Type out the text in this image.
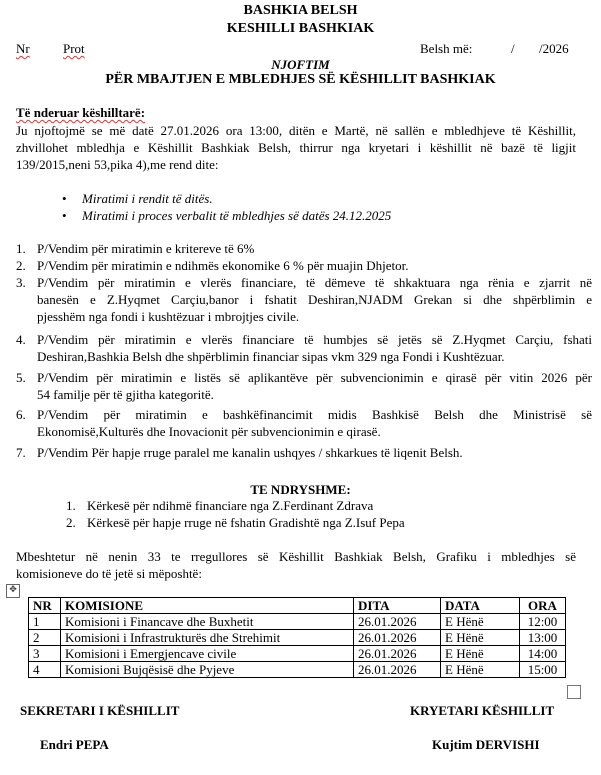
BASHKIA BELSH
KESHILLI BASHKIAK
Nr	Prot	Belsh më:	/ /2026
NJOFTIM
PËR MBAJTJEN E MBLEDHJES SË KËSHILLIT BASHKIAK
Të nderuar këshilltarë:
Ju njoftojmë se më datë 27.01.2026 ora 13:00, ditën e Martë, në sallën e mbledhjeve të Këshillit,
zhvillohet mbledhja e Këshillit Bashkiak Belsh, thirrur nga kryetari i këshillit në bazë të ligjit
139/2015,neni 53,pika 4),me rend dite:
• Miratimi i rendit të ditës.
• Miratimi i proces verbalit të mbledhjes së datës 24.12.2025
1. P/Vendim për miratimin e kritereve të 6%
2. P/Vendim për miratimin e ndihmës ekonomike 6 % për muajin Dhjetor.
3. P/Vendim për miratimin e vlerës financiare, të dëmeve të shkaktuara nga rënia e zjarrit në
banesën e Z.Hyqmet Carçiu,banor i fshatit Deshiran,NJADM Grekan si dhe shpërblimin e
pjesshëm nga fondi i kushtëzuar i mbrojtjes civile.
4. P/Vendim për miratimin e vlerës financiare të humbjes së jetës së Z.Hyqmet Carçiu, fshati
Deshiran,Bashkia Belsh dhe shpërblimin financiar sipas vkm 329 nga Fondi i Kushtëzuar.
5. P/Vendim për miratimin e listës së aplikantëve për subvencionimin e qirasë për vitin 2026 për
54 familje për të gjitha kategoritë.
6. P/Vendim për miratimin e bashkëfinancimit midis Bashkisë Belsh dhe Ministrisë së
Ekonomisë,Kulturës dhe Inovacionit për subvencionimin e qirasë.
7. P/Vendim Për hapje rruge paralel me kanalin ushqyes / shkarkues të liqenit Belsh.
TE NDRYSHME:
1. Kërkesë për ndihmë financiare nga Z.Ferdinant Zdrava
2. Kërkesë për hapje rruge në fshatin Gradishtë nga Z.Isuf Pepa
Mbeshtetur në nenin 33 te rregullores së Këshillit Bashkiak Belsh, Grafiku i mbledhjes së
komisioneve do të jetë si mëposhtë:
✥
NR	KOMISIONE	DITA	DATA	ORA
1	Komisioni i Financave dhe Buxhetit	26.01.2026	E Hënë	12:00
2	Komisioni i Infrastrukturës dhe Strehimit	26.01.2026	E Hënë	13:00
3	Komisioni i Emergjencave civile	26.01.2026	E Hënë	14:00
4	Komisioni Bujqësisë dhe Pyjeve	26.01.2026	E Hënë	15:00
SEKRETARI I KËSHILLIT	KRYETARI KËSHILLIT
Endri PEPA	Kujtim DERVISHI
